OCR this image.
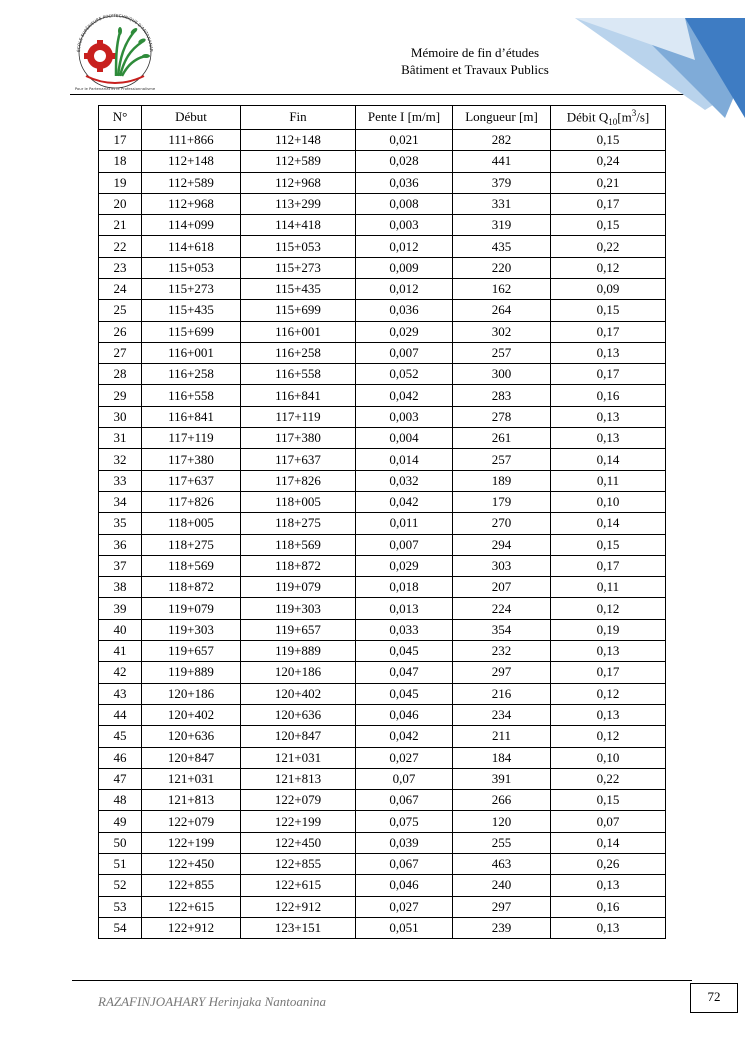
ÉCOLE SUPÉRIEURE POLYTECHNIQUE D'ANTANANAR
Pour le Partenariat et le Professionnalisme
Mémoire de fin d’études
Bâtiment et Travaux Publics
N°	Début	Fin	Pente I [m/m]	Longueur [m]	Débit $Q_{10}[m^3/s]$
17	111+866	112+148	0,021	282	0,15
18	112+148	112+589	0,028	441	0,24
19	112+589	112+968	0,036	379	0,21
20	112+968	113+299	0,008	331	0,17
21	114+099	114+418	0,003	319	0,15
22	114+618	115+053	0,012	435	0,22
23	115+053	115+273	0,009	220	0,12
24	115+273	115+435	0,012	162	0,09
25	115+435	115+699	0,036	264	0,15
26	115+699	116+001	0,029	302	0,17
27	116+001	116+258	0,007	257	0,13
28	116+258	116+558	0,052	300	0,17
29	116+558	116+841	0,042	283	0,16
30	116+841	117+119	0,003	278	0,13
31	117+119	117+380	0,004	261	0,13
32	117+380	117+637	0,014	257	0,14
33	117+637	117+826	0,032	189	0,11
34	117+826	118+005	0,042	179	0,10
35	118+005	118+275	0,011	270	0,14
36	118+275	118+569	0,007	294	0,15
37	118+569	118+872	0,029	303	0,17
38	118+872	119+079	0,018	207	0,11
39	119+079	119+303	0,013	224	0,12
40	119+303	119+657	0,033	354	0,19
41	119+657	119+889	0,045	232	0,13
42	119+889	120+186	0,047	297	0,17
43	120+186	120+402	0,045	216	0,12
44	120+402	120+636	0,046	234	0,13
45	120+636	120+847	0,042	211	0,12
46	120+847	121+031	0,027	184	0,10
47	121+031	121+813	0,07	391	0,22
48	121+813	122+079	0,067	266	0,15
49	122+079	122+199	0,075	120	0,07
50	122+199	122+450	0,039	255	0,14
51	122+450	122+855	0,067	463	0,26
52	122+855	122+615	0,046	240	0,13
53	122+615	122+912	0,027	297	0,16
54	122+912	123+151	0,051	239	0,13
RAZAFINJOAHARY Herinjaka Nantoanina	72
